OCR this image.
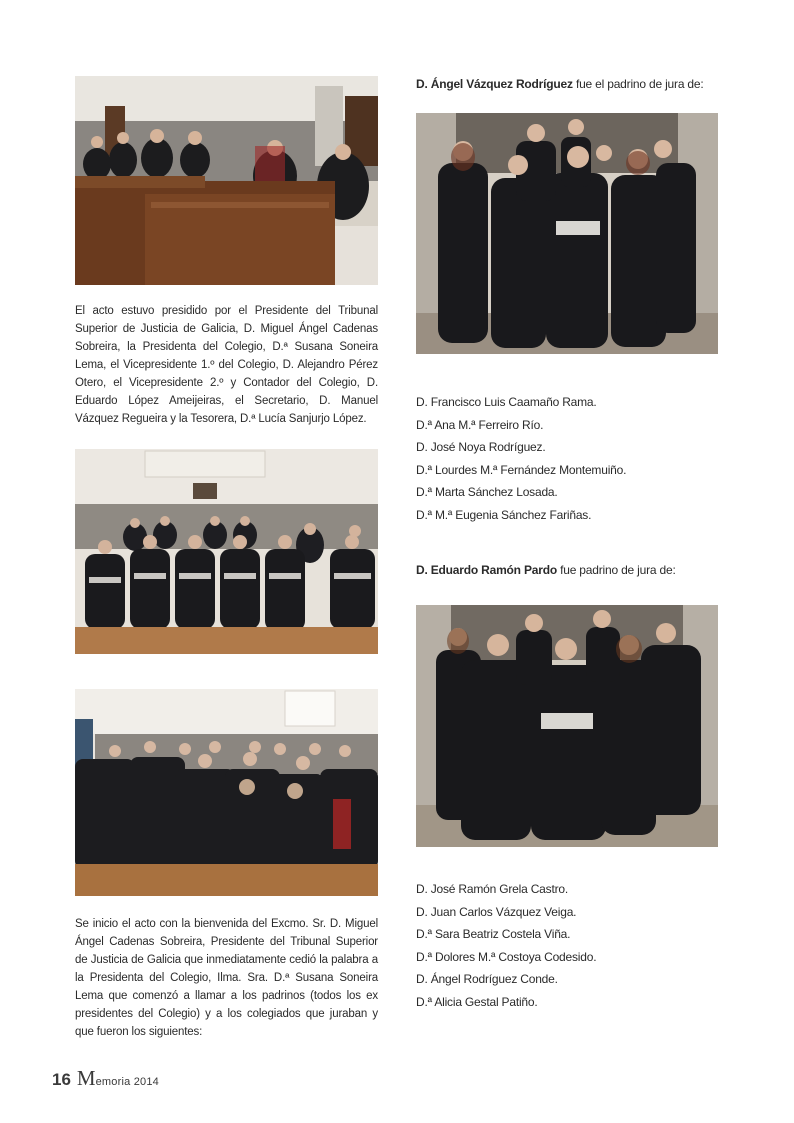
El acto estuvo presidido por el Presidente del Tribunal Superior de Justicia de Galicia, D. Miguel Ángel Cadenas Sobreira, la Presidenta del Colegio, D.ª Susana Soneira Lema, el Vicepresidente 1.º del Colegio, D. Alejandro Pérez Otero, el Vicepresidente 2.º y Contador del Colegio, D. Eduardo López Ameijeiras, el Secretario, D. Manuel Vázquez Regueira y la Tesorera, D.ª Lucía Sanjurjo López.

Se inicio el acto con la bienvenida del Excmo. Sr. D. Miguel Ángel Cadenas Sobreira, Presidente del Tribunal Superior de Justicia de Galicia que inmediatamente cedió la palabra a la Presidenta del Colegio, Ilma. Sra. D.ª Susana Soneira Lema que comenzó a llamar a los padrinos (todos los ex presidentes del Colegio) y a los colegiados que juraban y que fueron los siguientes:

D. Ángel Vázquez Rodríguez fue el padrino de jura de:
D. Francisco Luis Caamaño Rama.
D.ª Ana M.ª Ferreiro Río.
D. José Noya Rodríguez.
D.ª Lourdes M.ª Fernández Montemuiño.
D.ª Marta Sánchez Losada.
D.ª M.ª Eugenia Sánchez Fariñas.
D. Eduardo Ramón Pardo fue padrino de jura de:
D. José Ramón Grela Castro.
D. Juan Carlos Vázquez Veiga.
D.ª Sara Beatriz Costela Viña.
D.ª Dolores M.ª Costoya Codesido.
D. Ángel Rodríguez Conde.
D.ª Alicia Gestal Patiño.
16 Memoria 2014
